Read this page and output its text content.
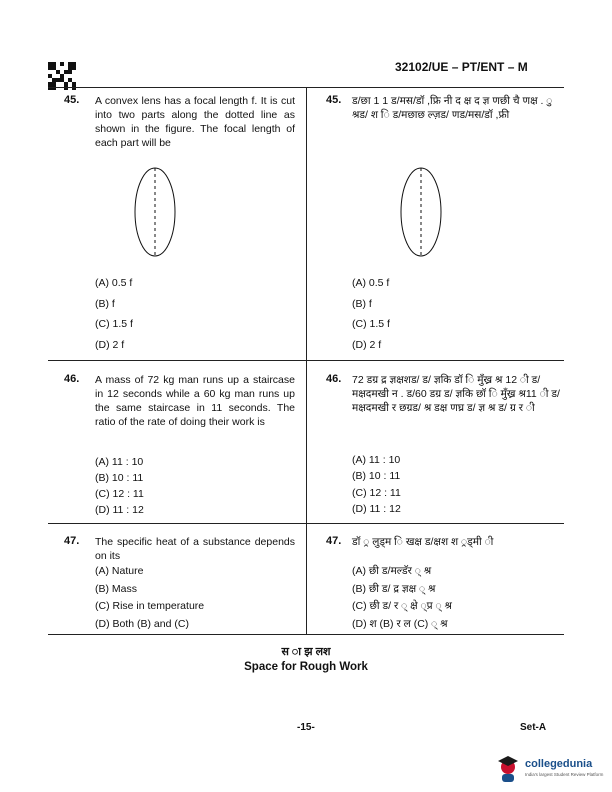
32102/UE – PT/ENT – M
45. A convex lens has a focal length f. It is cut into two parts along the dotted line as shown in the figure. The focal length of each part will be
(A) 0.5 f
(B) f
(C) 1.5 f
(D) 2 f
45. ड/छा 1 1 ड/मस/डॉ ,फ्रि नी द क्ष द ज्ञ णछी चै णक्ष . ु श्रड/ श ि ड/मछाछ ल्ज़ड/ णड/मस/डॉ ,फ्री
(A) 0.5 f
(B) f
(C) 1.5 f
(D) 2 f
46. A mass of 72 kg man runs up a staircase in 12 seconds while a 60 kg man runs up the same staircase in 11 seconds. The ratio of the rate of doing their work is
(A) 11 : 10
(B) 10 : 11
(C) 12 : 11
(D) 11 : 12
46. 72 डग्र द्र ज्ञक्षशड/ ड/ ज्ञकि डॉ ि मुँख्र श्र 12 ी ड/मक्षदमखी न . ड/60 डग्र ड/ ज्ञकि छॉ ि मुँख्र श्र11 ी ड/मक्षदमखी र छग्रड/ श्र डक्ष णघ्र ड/ ज्ञ श्र ड/ ग्र र ी
(A) 11 : 10
(B) 10 : 11
(C) 12 : 11
(D) 11 : 12
47. The specific heat of a substance depends on its
(A) Nature
(B) Mass
(C) Rise in temperature
(D) Both (B) and (C)
47. डॉ ्र लुड्म ि खक्ष ड/क्षश श ्रड्मी ी
(A) छी ड/मल्डॅर ् श्र
(B) छी ड/ द्र ज्ञक्ष ् श्र
(C) छी ड/ र ् क्षे ्प्र ् श्र
(D) श (B) र ल (C) ् श्र
स ा झ लश
Space for Rough Work
-15-	Set-A
collegedunia
India's largest Student Review Platform
